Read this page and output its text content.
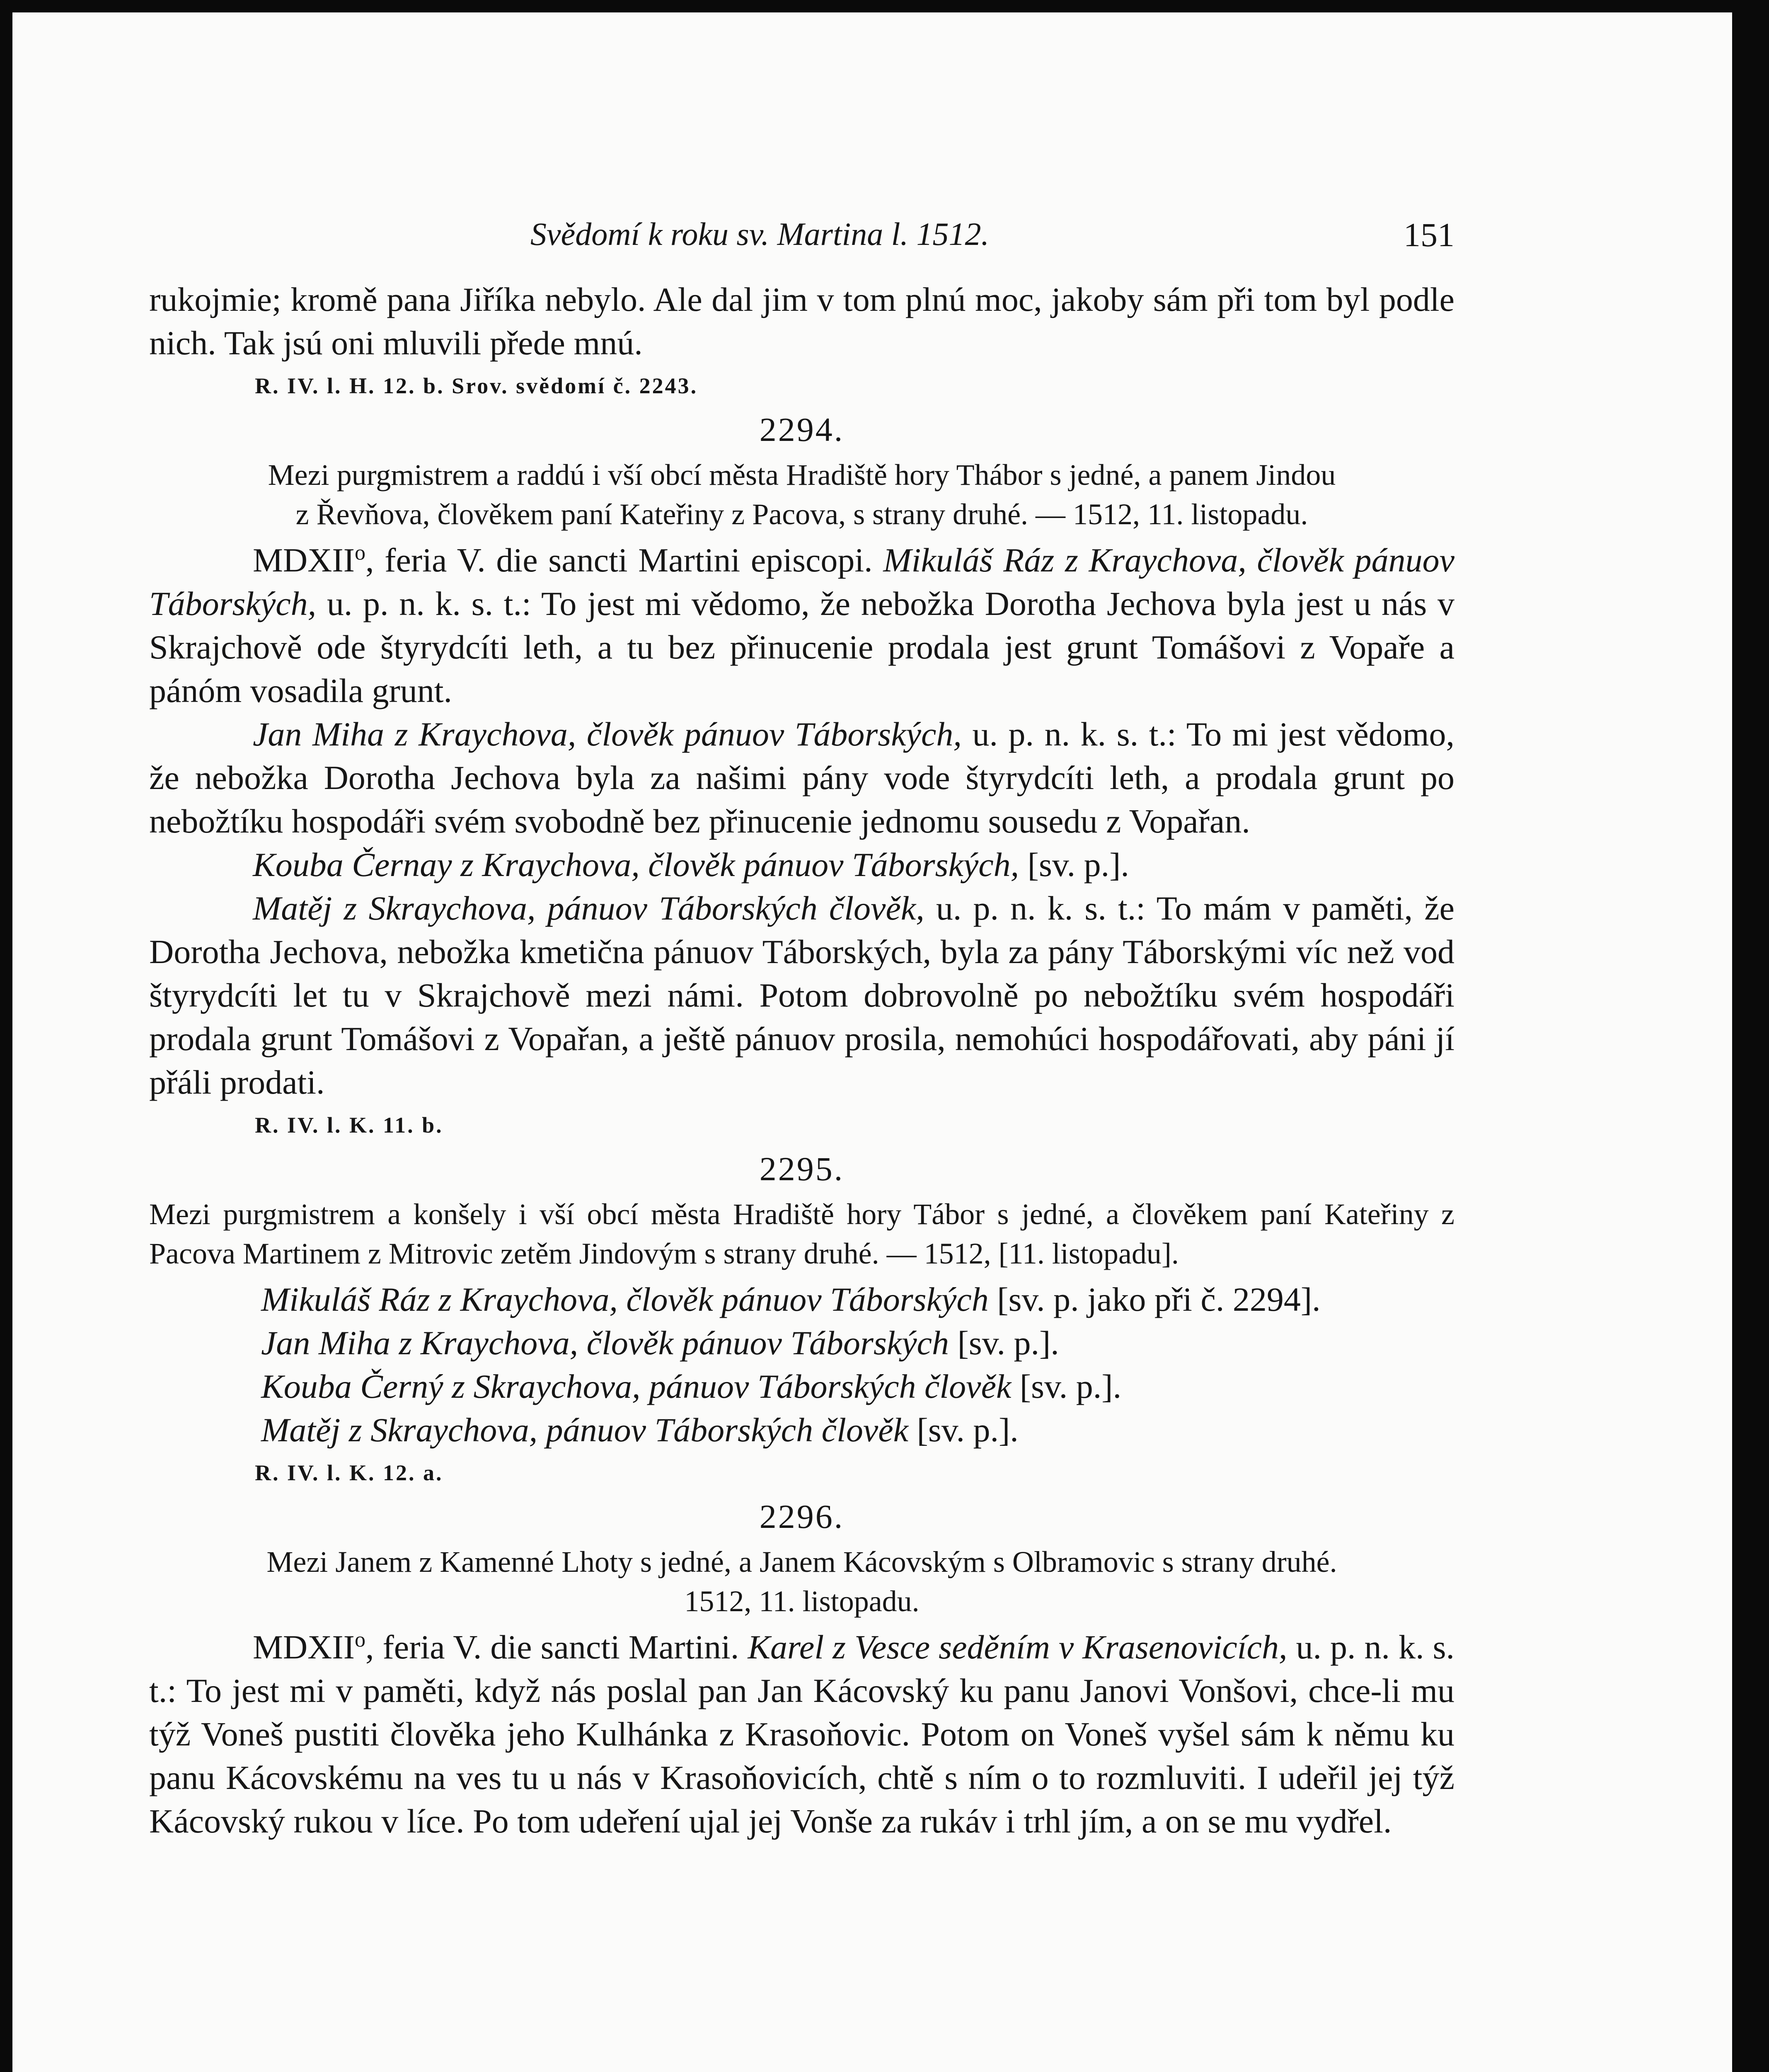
Svědomí k roku sv. Martina l. 1512.	151

rukojmie; kromě pana Jiříka nebylo. Ale dal jim v tom plnú moc, jakoby sám při tom byl podle nich. Tak jsú oni mluvili přede mnú.

R. IV. l. H. 12. b. Srov. svědomí č. 2243.
2294.
Mezi purgmistrem a raddú i vší obcí města Hradiště hory Thábor s jedné, a panem Jindou
z Řevňova, člověkem paní Kateřiny z Pacova, s strany druhé. — 1512, 11. listopadu.

MDXII$^o$, feria V. die sancti Martini episcopi. Mikuláš Ráz z Kraychova, člověk pánuov Táborských, u. p. n. k. s. t.: To jest mi vědomo, že nebožka Dorotha Jechova byla jest u nás v Skrajchově ode štyrydcíti leth, a tu bez přinucenie prodala jest grunt Tomášovi z Vopaře a pánóm vosadila grunt.

Jan Miha z Kraychova, člověk pánuov Táborských, u. p. n. k. s. t.: To mi jest vědomo, že nebožka Dorotha Jechova byla za našimi pány vode štyrydcíti leth, a prodala grunt po nebožtíku hospodáři svém svobodně bez přinucenie jednomu sousedu z Vopařan.

Kouba Černay z Kraychova, člověk pánuov Táborských, [sv. p.].

Matěj z Skraychova, pánuov Táborských člověk, u. p. n. k. s. t.: To mám v paměti, že Dorotha Jechova, nebožka kmetična pánuov Táborských, byla za pány Táborskými víc než vod štyrydcíti let tu v Skrajchově mezi námi. Potom dobrovolně po nebožtíku svém hospodáři prodala grunt Tomášovi z Vopařan, a ještě pánuov prosila, nemohúci hospodářovati, aby páni jí přáli prodati.

R. IV. l. K. 11. b.
2295.

Mezi purgmistrem a konšely i vší obcí města Hradiště hory Tábor s jedné, a člověkem paní Kateřiny z Pacova Martinem z Mitrovic zetěm Jindovým s strany druhé. — 1512, [11. listopadu].

Mikuláš Ráz z Kraychova, člověk pánuov Táborských [sv. p. jako při č. 2294].

Jan Miha z Kraychova, člověk pánuov Táborských [sv. p.].

Kouba Černý z Skraychova, pánuov Táborských člověk [sv. p.].

Matěj z Skraychova, pánuov Táborských člověk [sv. p.].

R. IV. l. K. 12. a.
2296.
Mezi Janem z Kamenné Lhoty s jedné, a Janem Kácovským s Olbramovic s strany druhé.
1512, 11. listopadu.

MDXII$^o$, feria V. die sancti Martini. Karel z Vesce seděním v Krasenovicích, u. p. n. k. s. t.: To jest mi v paměti, když nás poslal pan Jan Kácovský ku panu Janovi Vonšovi, chce-li mu týž Voneš pustiti člověka jeho Kulhánka z Krasoňovic. Potom on Voneš vyšel sám k němu ku panu Kácovskému na ves tu u nás v Krasoňovicích, chtě s ním o to rozmluviti. I udeřil jej týž Kácovský rukou v líce. Po tom udeření ujal jej Vonše za rukáv i trhl jím, a on se mu vydřel.
